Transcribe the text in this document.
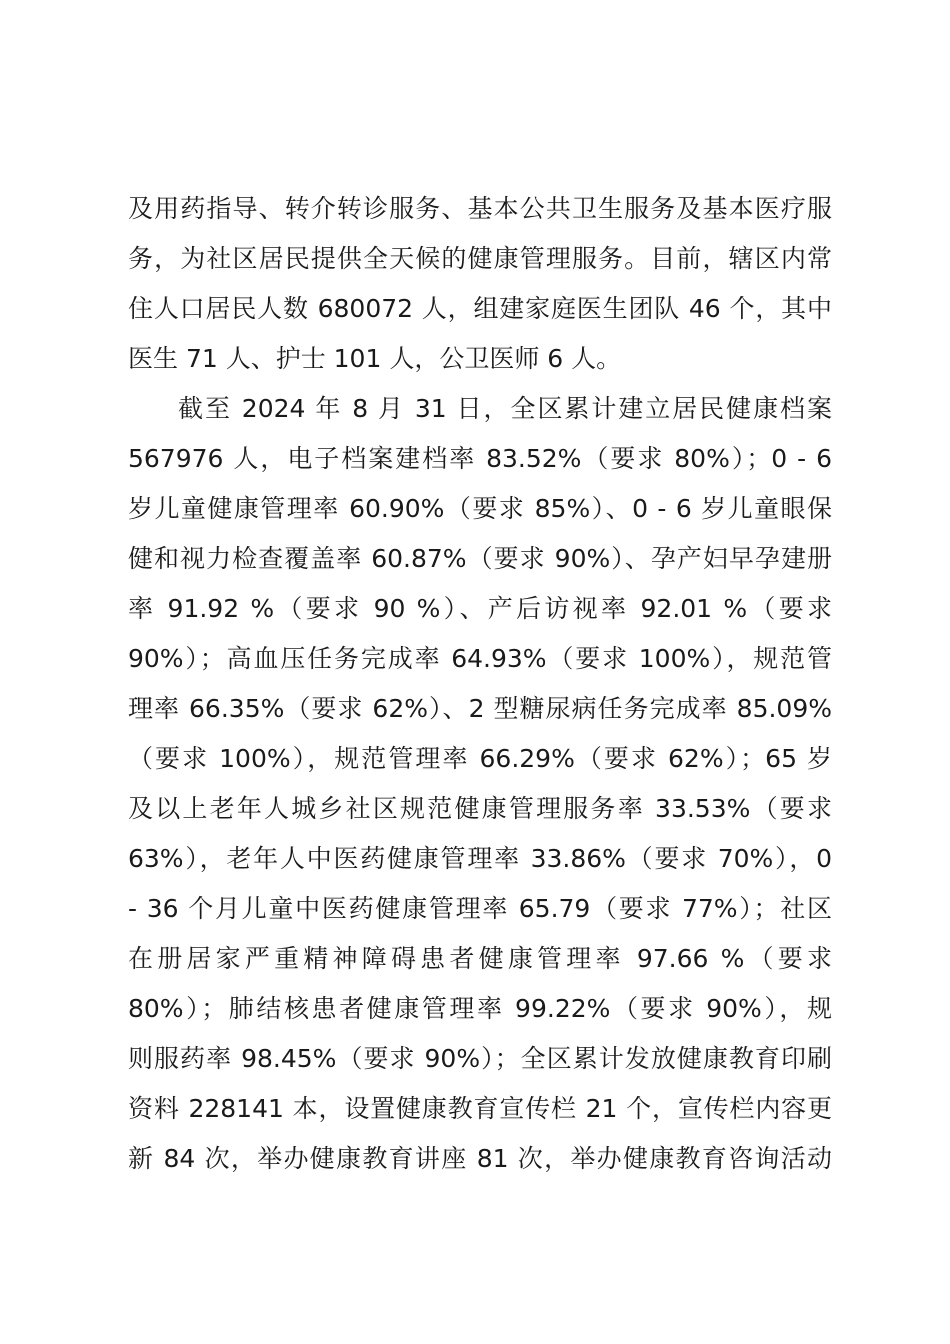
及用药指导、转介转诊服务、基本公共卫生服务及基本医疗服
务，为社区居民提供全天候的健康管理服务。目前，辖区内常
住人口居民人数 680072 人，组建家庭医生团队 46 个，其中
医生 71 人、护士 101 人，公卫医师 6 人。
截至 2024 年 8 月 31 日，全区累计建立居民健康档案
567976 人，电子档案建档率 83.52%（要求 80%）；0 - 6
岁儿童健康管理率 60.90%（要求 85%）、0 - 6 岁儿童眼保
健和视力检查覆盖率 60.87%（要求 90%）、孕产妇早孕建册
率 91.92 %（要求 90 %）、产后访视率 92.01 %（要求
90%）；高血压任务完成率 64.93%（要求 100%），规范管
理率 66.35%（要求 62%）、2 型糖尿病任务完成率 85.09%
（要求 100%），规范管理率 66.29%（要求 62%）；65 岁
及以上老年人城乡社区规范健康管理服务率 33.53%（要求
63%），老年人中医药健康管理率 33.86%（要求 70%），0
- 36 个月儿童中医药健康管理率 65.79（要求 77%）；社区
在册居家严重精神障碍患者健康管理率 97.66 %（要求
80%）；肺结核患者健康管理率 99.22%（要求 90%），规
则服药率 98.45%（要求 90%）；全区累计发放健康教育印刷
资料 228141 本，设置健康教育宣传栏 21 个，宣传栏内容更
新 84 次，举办健康教育讲座 81 次，举办健康教育咨询活动
